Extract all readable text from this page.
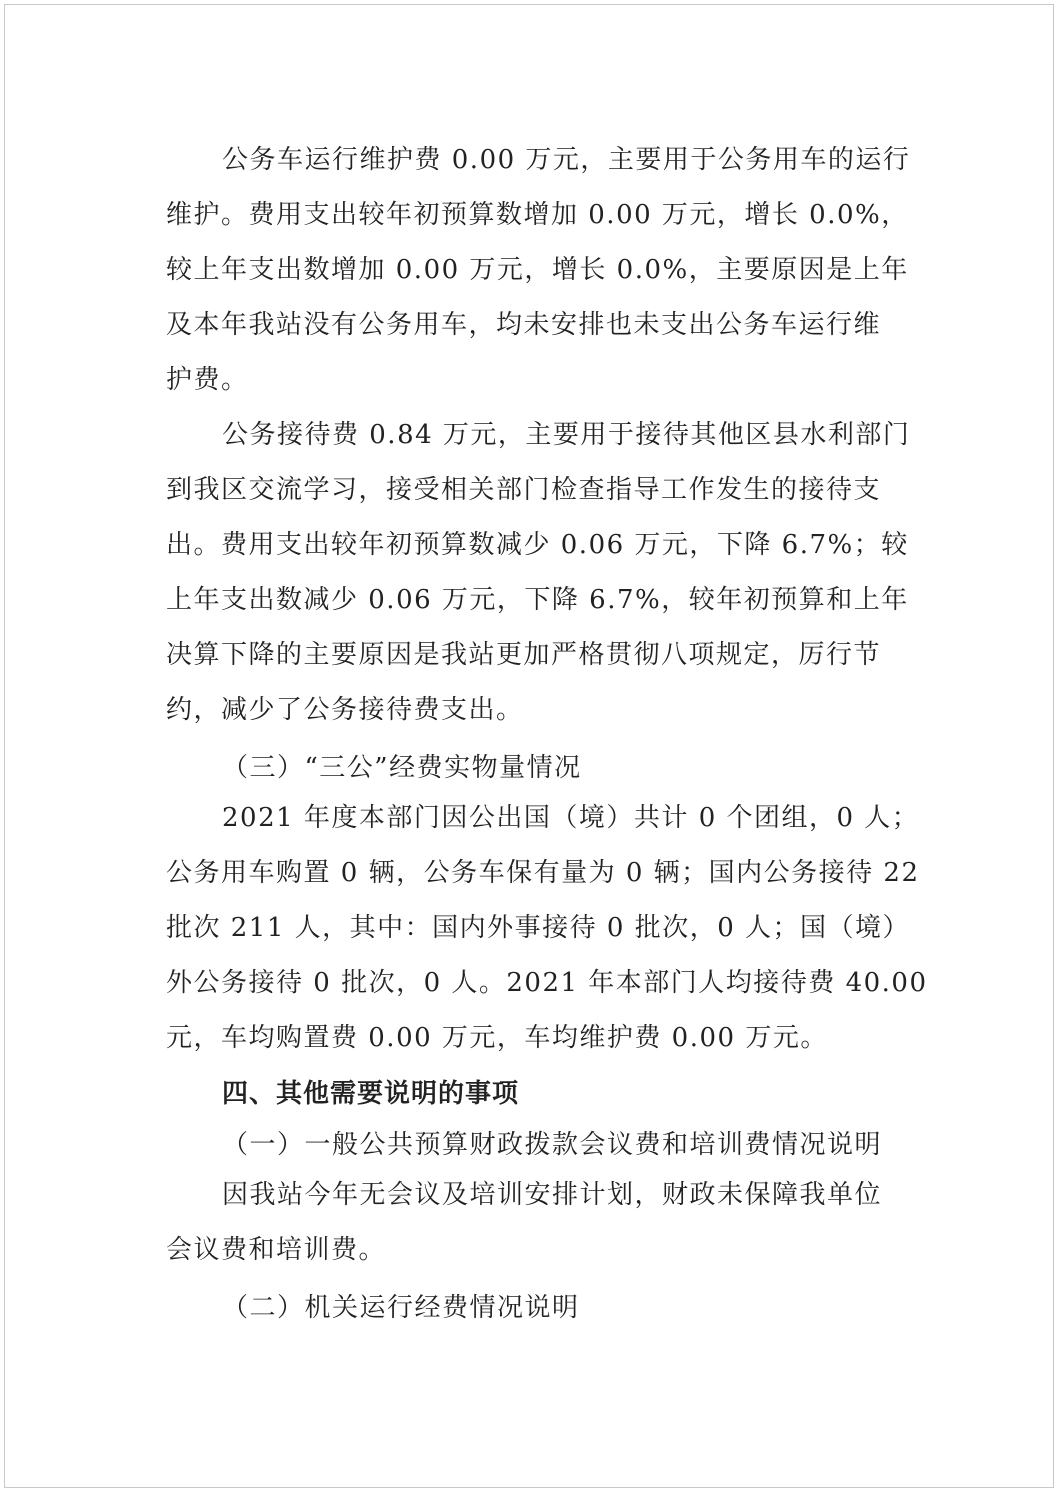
公务车运行维护费 0.00 万元，主要用于公务用车的运行
维护。费用支出较年初预算数增加 0.00 万元，增长 0.0%，
较上年支出数增加 0.00 万元，增长 0.0%，主要原因是上年
及本年我站没有公务用车，均未安排也未支出公务车运行维
护费。
公务接待费 0.84 万元，主要用于接待其他区县水利部门
到我区交流学习，接受相关部门检查指导工作发生的接待支
出。费用支出较年初预算数减少 0.06 万元，下降 6.7%；较
上年支出数减少 0.06 万元，下降 6.7%，较年初预算和上年
决算下降的主要原因是我站更加严格贯彻八项规定，厉行节
约，减少了公务接待费支出。
（三）“三公”经费实物量情况
2021 年度本部门因公出国（境）共计 0 个团组，0 人；
公务用车购置 0 辆，公务车保有量为 0 辆；国内公务接待 22
批次 211 人，其中：国内外事接待 0 批次，0 人；国（境）
外公务接待 0 批次，0 人。2021 年本部门人均接待费 40.00
元，车均购置费 0.00 万元，车均维护费 0.00 万元。
四、其他需要说明的事项
（一）一般公共预算财政拨款会议费和培训费情况说明
因我站今年无会议及培训安排计划，财政未保障我单位
会议费和培训费。
（二）机关运行经费情况说明
